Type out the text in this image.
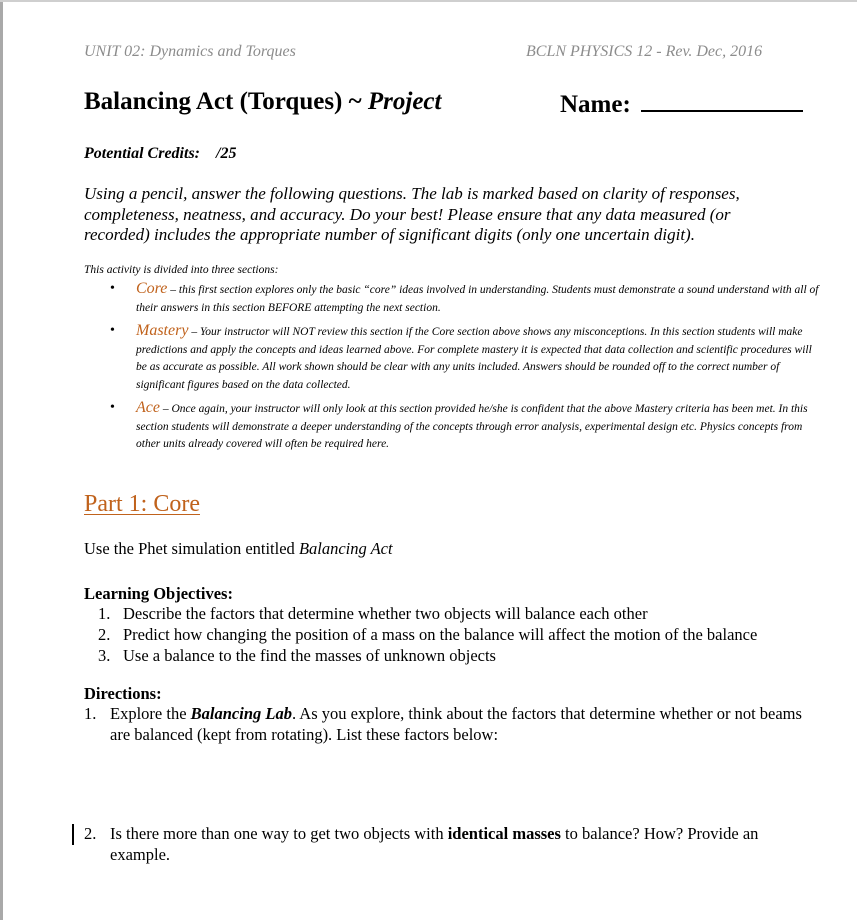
UNIT 02: Dynamics and Torques	BCLN PHYSICS 12 - Rev. Dec, 2016
Balancing Act (Torques) ~ Project	Name:
Potential Credits: /25
Using a pencil, answer the following questions. The lab is marked based on clarity of responses, completeness, neatness, and accuracy. Do your best! Please ensure that any data measured (or recorded) includes the appropriate number of significant digits (only one uncertain digit).
This activity is divided into three sections:
• Core – this first section explores only the basic “core” ideas involved in understanding. Students must demonstrate a sound understand with all of their answers in this section BEFORE attempting the next section.
• Mastery – Your instructor will NOT review this section if the Core section above shows any misconceptions. In this section students will make predictions and apply the concepts and ideas learned above. For complete mastery it is expected that data collection and scientific procedures will be as accurate as possible. All work shown should be clear with any units included. Answers should be rounded off to the correct number of significant figures based on the data collected.
• Ace – Once again, your instructor will only look at this section provided he/she is confident that the above Mastery criteria has been met. In this section students will demonstrate a deeper understanding of the concepts through error analysis, experimental design etc. Physics concepts from other units already covered will often be required here.
Part 1: Core
Use the Phet simulation entitled Balancing Act
Learning Objectives:
1. Describe the factors that determine whether two objects will balance each other
2. Predict how changing the position of a mass on the balance will affect the motion of the balance
3. Use a balance to the find the masses of unknown objects
Directions:
1. Explore the Balancing Lab. As you explore, think about the factors that determine whether or not beams are balanced (kept from rotating). List these factors below:
2. Is there more than one way to get two objects with identical masses to balance? How? Provide an example.
